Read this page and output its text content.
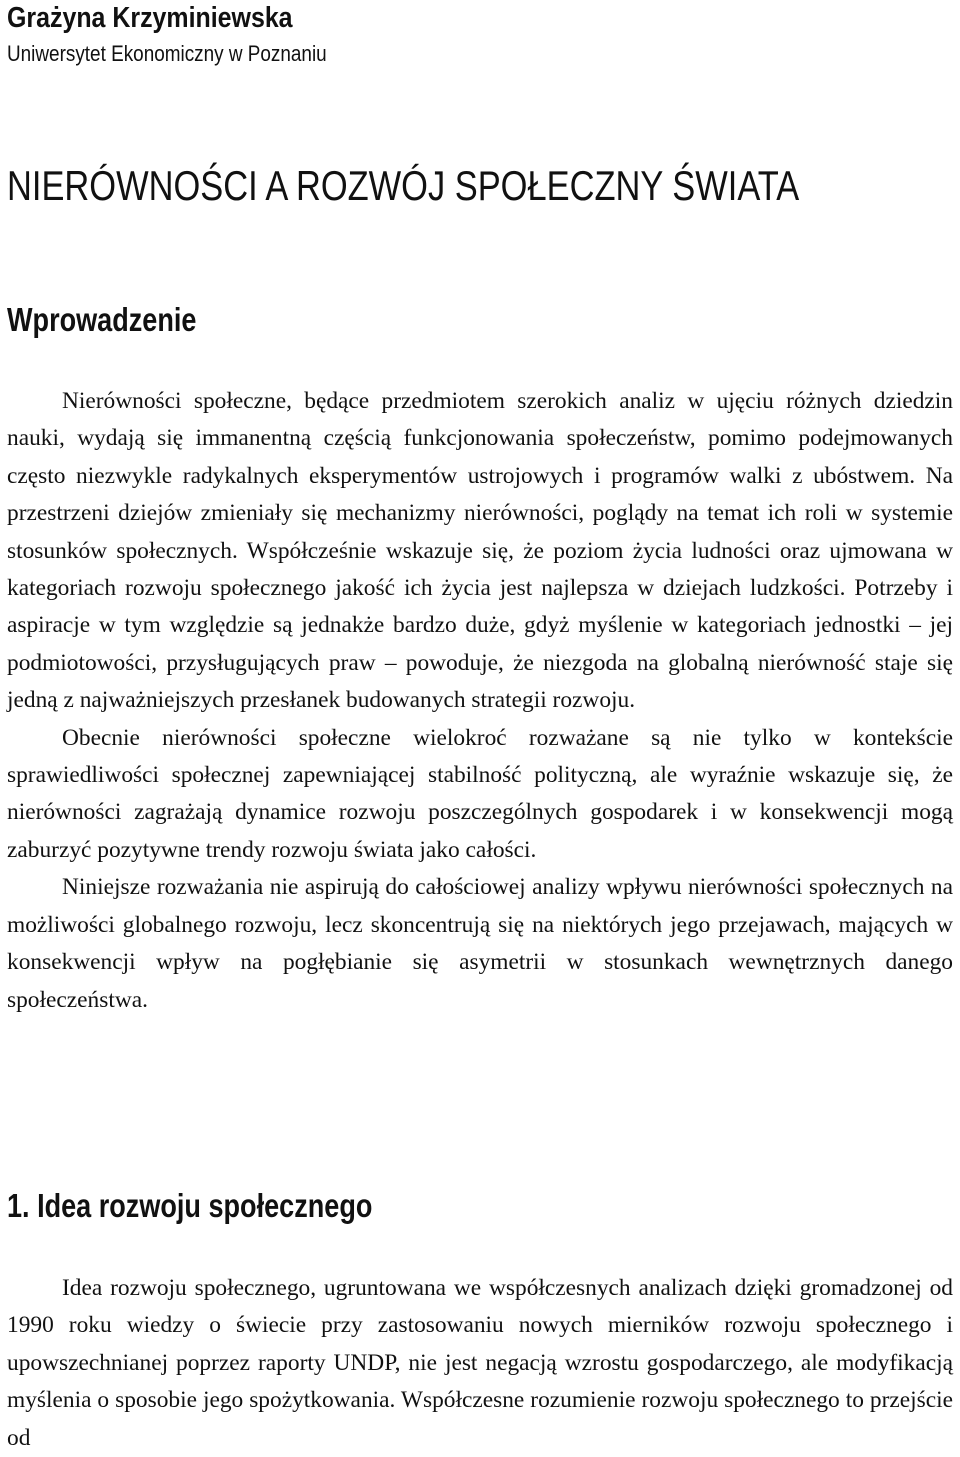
Grażyna Krzyminiewska
Uniwersytet Ekonomiczny w Poznaniu
NIERÓWNOŚCI A ROZWÓJ SPOŁECZNY ŚWIATA
Wprowadzenie

Nierówności społeczne, będące przedmiotem szerokich analiz w ujęciu różnych dziedzin nauki, wydają się immanentną częścią funkcjonowania społeczeństw, pomimo podejmowanych często niezwykle radykalnych eksperymentów ustrojowych i programów walki z ubóstwem. Na przestrzeni dziejów zmieniały się mechanizmy nierówności, poglądy na temat ich roli w systemie stosunków społecznych. Współcześnie wskazuje się, że poziom życia ludności oraz ujmowana w kategoriach rozwoju społecznego jakość ich życia jest najlepsza w dziejach ludzkości. Potrzeby i aspiracje w tym względzie są jednakże bardzo duże, gdyż myślenie w kategoriach jednostki – jej podmiotowości, przysługujących praw – powoduje, że niezgoda na globalną nierówność staje się jedną z najważniejszych przesłanek budowanych strategii rozwoju.

Obecnie nierówności społeczne wielokroć rozważane są nie tylko w kontekście sprawiedliwości społecznej zapewniającej stabilność polityczną, ale wyraźnie wskazuje się, że nierówności zagrażają dynamice rozwoju poszczególnych gospodarek i w konsekwencji mogą zaburzyć pozytywne trendy rozwoju świata jako całości.

Niniejsze rozważania nie aspirują do całościowej analizy wpływu nierówności społecznych na możliwości globalnego rozwoju, lecz skoncentrują się na niektórych jego przejawach, mających w konsekwencji wpływ na pogłębianie się asymetrii w stosunkach wewnętrznych danego społeczeństwa.

1. Idea rozwoju społecznego

Idea rozwoju społecznego, ugruntowana we współczesnych analizach dzięki gromadzonej od 1990 roku wiedzy o świecie przy zastosowaniu nowych mierników rozwoju społecznego i upowszechnianej poprzez raporty UNDP, nie jest negacją wzrostu gospodarczego, ale modyfikacją myślenia o sposobie jego spożytkowania. Współczesne rozumienie rozwoju społecznego to przejście od
